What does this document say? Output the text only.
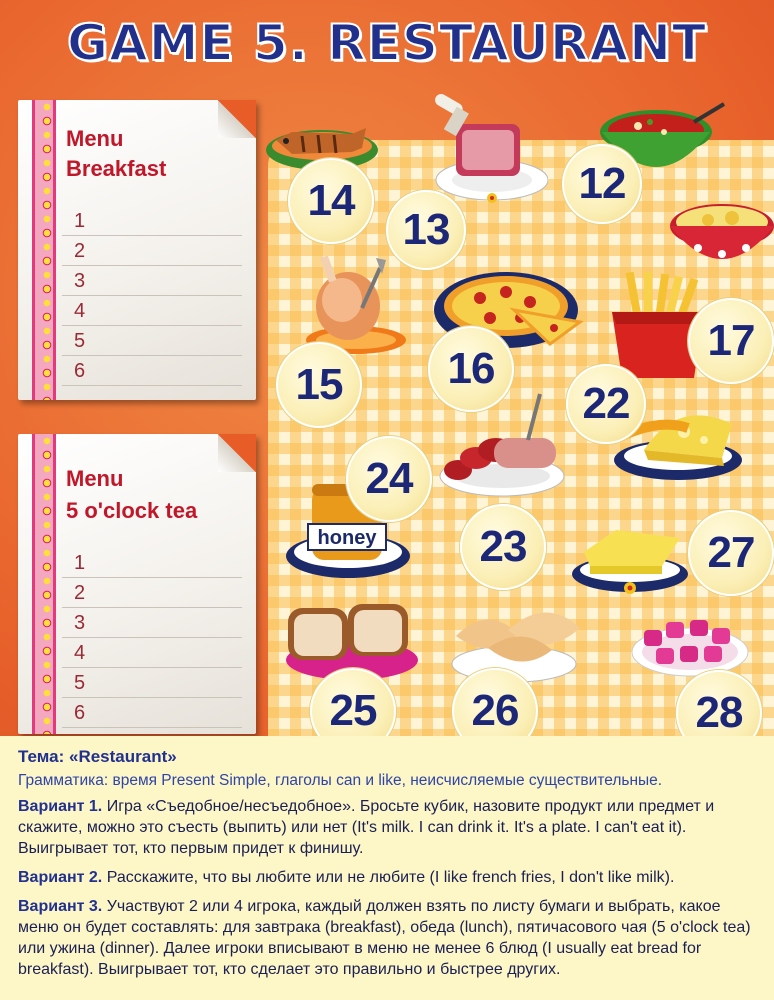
GAME 5. RESTAURANT
Menu
Breakfast
1
2
3
4
5
6
Menu
5 o'clock tea
1
2
3
4
5
6
honey
14
13
12
15	16
17
22
24
23	27
25	26	28
Тема: «Restaurant»
Грамматика: время Present Simple, глаголы can и like, неисчисляемые существительные.
Вариант 1. Игра «Съедобное/несъедобное». Бросьте кубик, назовите продукт или предмет и скажите, можно это съесть (выпить) или нет (It's milk. I can drink it. It's a plate. I can't eat it). Выигрывает тот, кто первым придет к финишу.
Вариант 2. Расскажите, что вы любите или не любите (I like french fries, I don't like milk).
Вариант 3. Участвуют 2 или 4 игрока, каждый должен взять по листу бумаги и выбрать, какое меню он будет составлять: для завтрака (breakfast), обеда (lunch), пятичасового чая (5 o'clock tea) или ужина (dinner). Далее игроки вписывают в меню не менее 6 блюд (I usually eat bread for breakfast). Выигрывает тот, кто сделает это правильно и быстрее других.
